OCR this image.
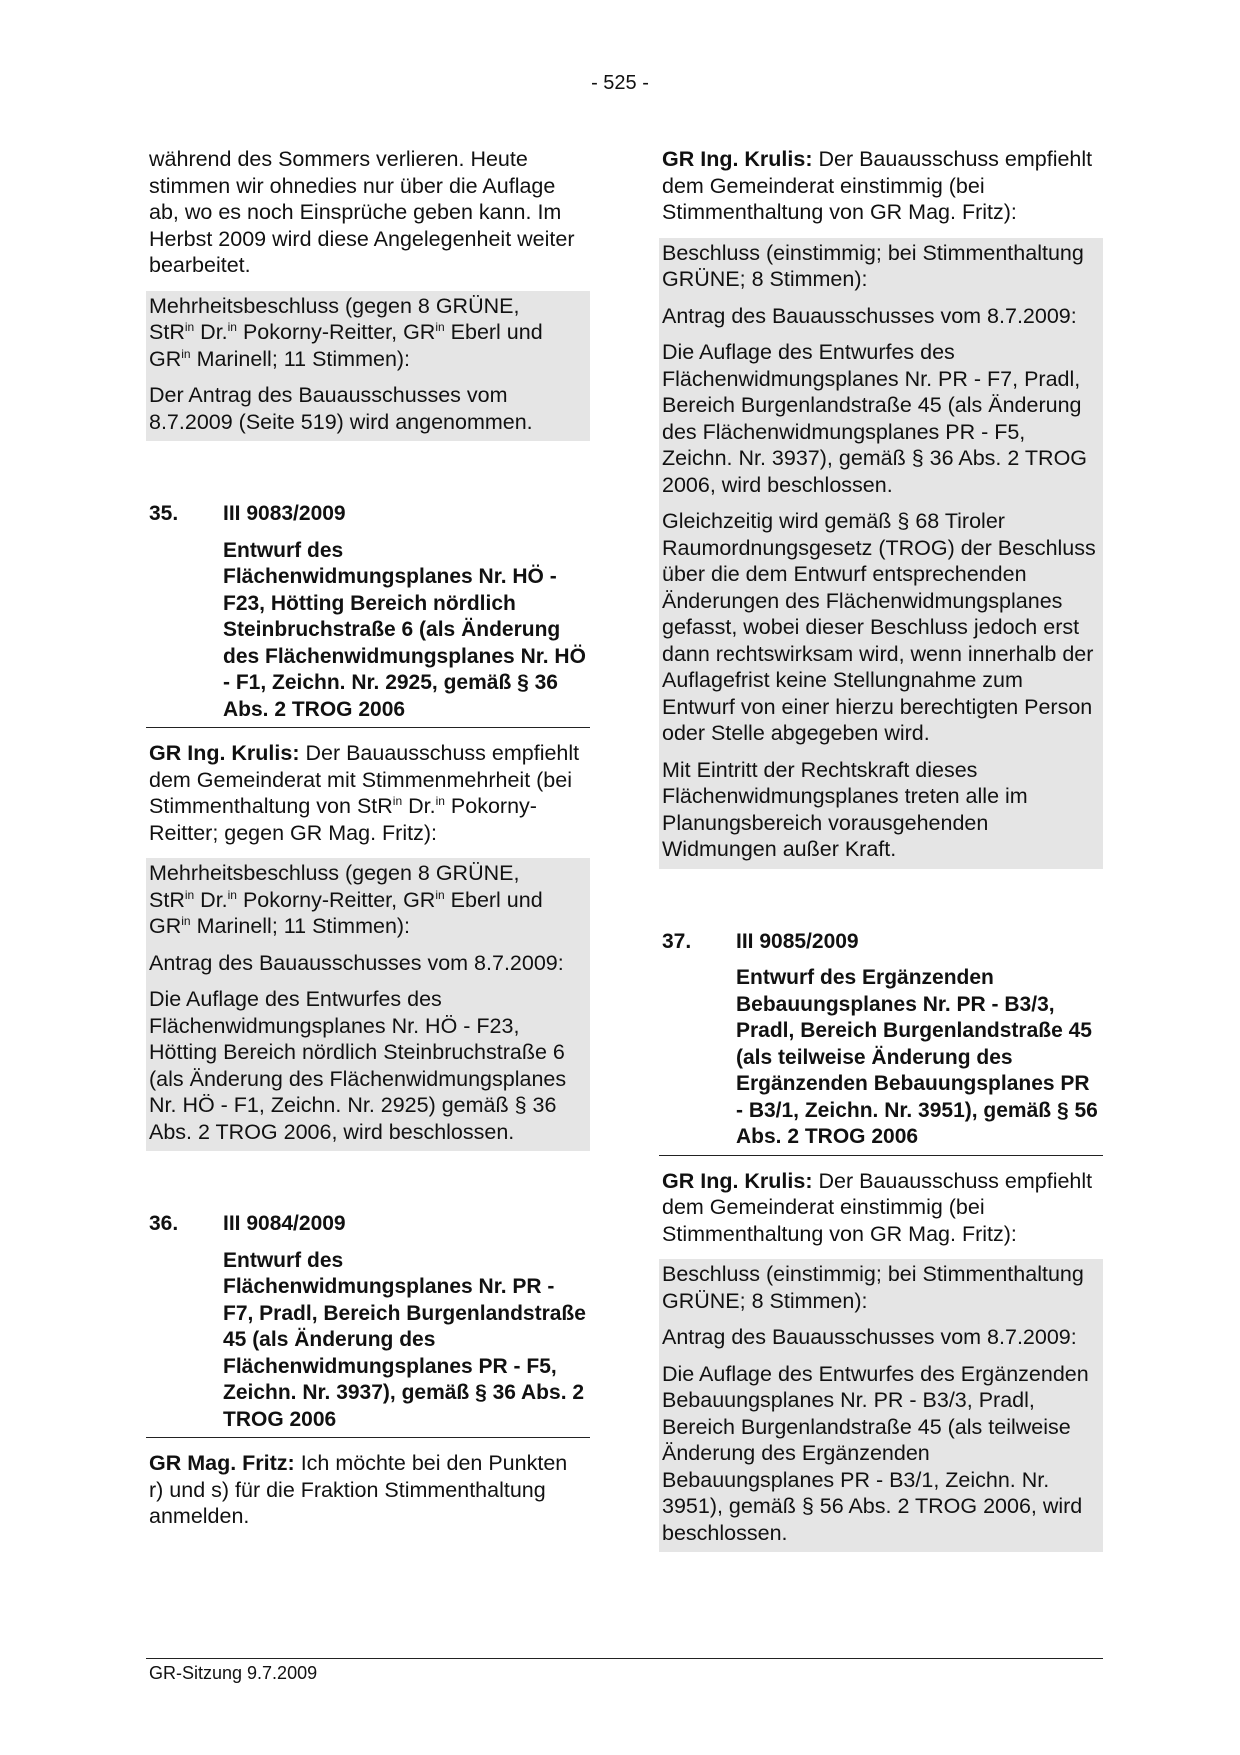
- 525 -

während des Sommers verlieren. Heute stimmen wir ohnedies nur über die Auflage ab, wo es noch Einsprüche geben kann. Im Herbst 2009 wird diese Angelegenheit weiter bearbeitet.

Mehrheitsbeschluss (gegen 8 GRÜNE,
StR$^{in}$ Dr.$^{in}$ Pokorny-Reitter, $GR^{in}$ Eberl und $GR^{in}$ Marinell; 11 Stimmen):

Der Antrag des Bauausschusses vom 8.7.2009 (Seite 519) wird angenommen.

35.	III 9083/2009
Entwurf des Flächenwidmungsplanes Nr. HÖ - F23, Hötting Bereich nördlich Steinbruchstraße 6 (als Änderung des Flächenwidmungsplanes Nr. HÖ - F1, Zeichn. Nr. 2925, gemäß § 36 Abs. 2 TROG 2006

GR Ing. Krulis: Der Bauausschuss empfiehlt dem Gemeinderat mit Stimmenmehrheit (bei Stimmenthaltung von StR$^{in}$ Dr.$^{in}$ Pokorny-Reitter; gegen GR Mag. Fritz):

Mehrheitsbeschluss (gegen 8 GRÜNE,
StR$^{in}$ Dr.$^{in}$ Pokorny-Reitter, $GR^{in}$ Eberl und $GR^{in}$ Marinell; 11 Stimmen):

Antrag des Bauausschusses vom 8.7.2009:

Die Auflage des Entwurfes des Flächenwidmungsplanes Nr. HÖ - F23, Hötting Bereich nördlich Steinbruchstraße 6 (als Änderung des Flächenwidmungsplanes Nr. HÖ - F1, Zeichn. Nr. 2925) gemäß § 36 Abs. 2 TROG 2006, wird beschlossen.

36.	III 9084/2009
Entwurf des Flächenwidmungsplanes Nr. PR - F7, Pradl, Bereich Burgenlandstraße 45 (als Änderung des Flächenwidmungsplanes PR - F5, Zeichn. Nr. 3937), gemäß § 36 Abs. 2 TROG 2006

GR Mag. Fritz: Ich möchte bei den Punkten r) und s) für die Fraktion Stimmenthaltung anmelden.

GR Ing. Krulis: Der Bauausschuss empfiehlt dem Gemeinderat einstimmig (bei Stimmenthaltung von GR Mag. Fritz):

Beschluss (einstimmig; bei Stimmenthaltung GRÜNE; 8 Stimmen):

Antrag des Bauausschusses vom 8.7.2009:

Die Auflage des Entwurfes des Flächenwidmungsplanes Nr. PR - F7, Pradl, Bereich Burgenlandstraße 45 (als Änderung des Flächenwidmungsplanes PR - F5, Zeichn. Nr. 3937), gemäß § 36 Abs. 2 TROG 2006, wird beschlossen.

Gleichzeitig wird gemäß § 68 Tiroler Raumordnungsgesetz (TROG) der Beschluss über die dem Entwurf entsprechenden Änderungen des Flächenwidmungsplanes gefasst, wobei dieser Beschluss jedoch erst dann rechtswirksam wird, wenn innerhalb der Auflagefrist keine Stellungnahme zum Entwurf von einer hierzu berechtigten Person oder Stelle abgegeben wird.

Mit Eintritt der Rechtskraft dieses Flächenwidmungsplanes treten alle im Planungsbereich vorausgehenden Widmungen außer Kraft.

37.	III 9085/2009
Entwurf des Ergänzenden Bebauungsplanes Nr. PR - B3/3, Pradl, Bereich Burgenlandstraße 45 (als teilweise Änderung des Ergänzenden Bebauungsplanes PR - B3/1, Zeichn. Nr. 3951), gemäß § 56 Abs. 2 TROG 2006

GR Ing. Krulis: Der Bauausschuss empfiehlt dem Gemeinderat einstimmig (bei Stimmenthaltung von GR Mag. Fritz):

Beschluss (einstimmig; bei Stimmenthaltung GRÜNE; 8 Stimmen):

Antrag des Bauausschusses vom 8.7.2009:

Die Auflage des Entwurfes des Ergänzenden Bebauungsplanes Nr. PR - B3/3, Pradl, Bereich Burgenlandstraße 45 (als teilweise Änderung des Ergänzenden Bebauungsplanes PR - B3/1, Zeichn. Nr. 3951), gemäß § 56 Abs. 2 TROG 2006, wird beschlossen.

GR-Sitzung 9.7.2009
